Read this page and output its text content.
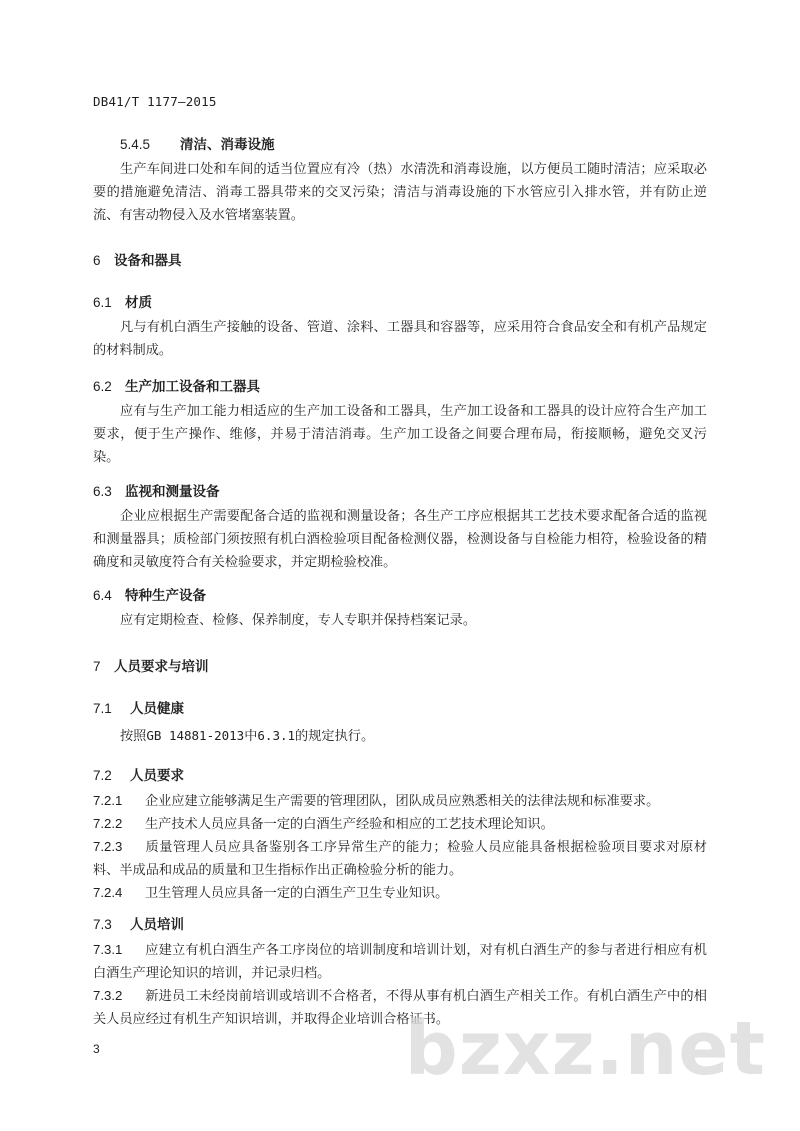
DB41/T 1177—2015
5.4.5 清洁、消毒设施
生产车间进口处和车间的适当位置应有冷（热）水清洗和消毒设施，以方便员工随时清洁；应采取必要的措施避免清洁、消毒工器具带来的交叉污染；清洁与消毒设施的下水管应引入排水管，并有防止逆流、有害动物侵入及水管堵塞装置。
6 设备和器具
6.1 材质
凡与有机白酒生产接触的设备、管道、涂料、工器具和容器等，应采用符合食品安全和有机产品规定的材料制成。
6.2 生产加工设备和工器具
应有与生产加工能力相适应的生产加工设备和工器具，生产加工设备和工器具的设计应符合生产加工要求，便于生产操作、维修，并易于清洁消毒。生产加工设备之间要合理布局，衔接顺畅，避免交叉污染。
6.3 监视和测量设备
企业应根据生产需要配备合适的监视和测量设备；各生产工序应根据其工艺技术要求配备合适的监视和测量器具；质检部门须按照有机白酒检验项目配备检测仪器，检测设备与自检能力相符，检验设备的精确度和灵敏度符合有关检验要求，并定期检验校准。
6.4 特种生产设备
应有定期检查、检修、保养制度，专人专职并保持档案记录。
7 人员要求与培训
7.1 人员健康
按照GB 14881-2013中6.3.1的规定执行。
7.2 人员要求
7.2.1 企业应建立能够满足生产需要的管理团队，团队成员应熟悉相关的法律法规和标准要求。
7.2.2 生产技术人员应具备一定的白酒生产经验和相应的工艺技术理论知识。
7.2.3 质量管理人员应具备鉴别各工序异常生产的能力；检验人员应能具备根据检验项目要求对原材料、半成品和成品的质量和卫生指标作出正确检验分析的能力。
7.2.4 卫生管理人员应具备一定的白酒生产卫生专业知识。
7.3 人员培训
7.3.1 应建立有机白酒生产各工序岗位的培训制度和培训计划，对有机白酒生产的参与者进行相应有机白酒生产理论知识的培训，并记录归档。
7.3.2 新进员工未经岗前培训或培训不合格者，不得从事有机白酒生产相关工作。有机白酒生产中的相关人员应经过有机生产知识培训，并取得企业培训合格证书。
bzxz.net
3
